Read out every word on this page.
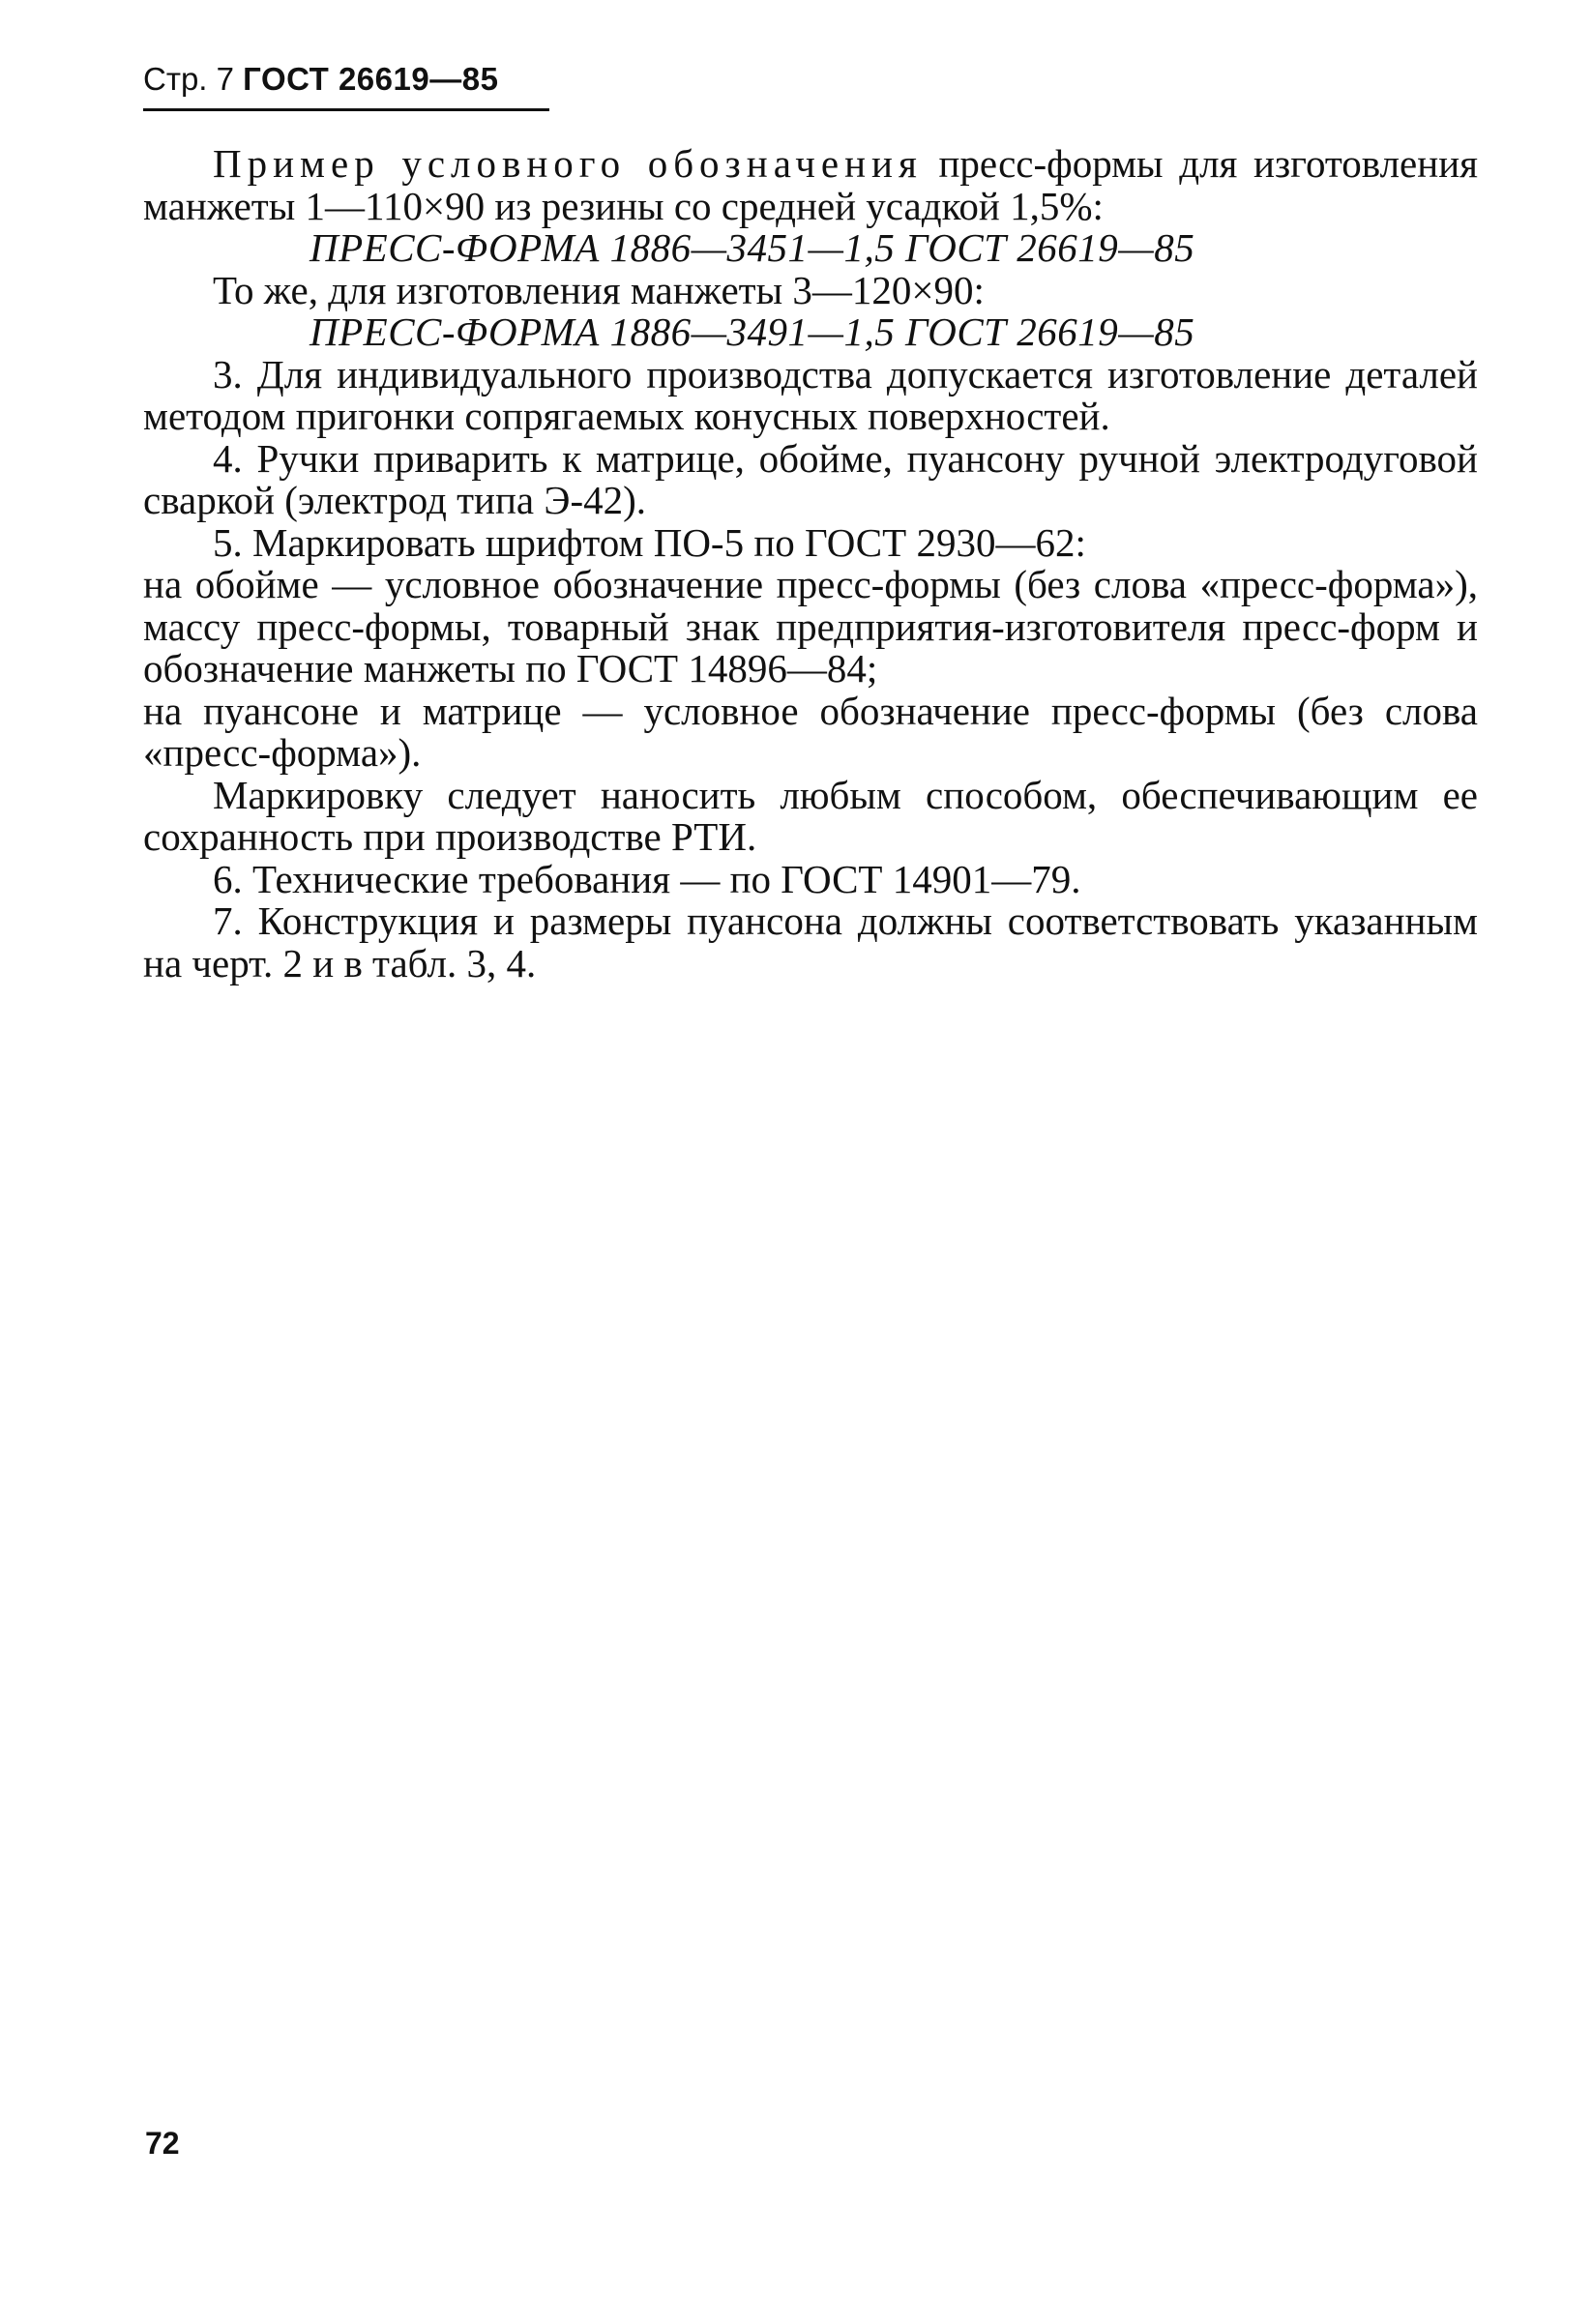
Стр. 7 ГОСТ 26619—85

Пример условного обозначения пресс-формы для изготовления манжеты 1—110×90 из резины со средней усадкой 1,5%:

ПРЕСС-ФОРМА 1886—3451—1,5 ГОСТ 26619—85

То же, для изготовления манжеты 3—120×90:

ПРЕСС-ФОРМА 1886—3491—1,5 ГОСТ 26619—85

3. Для индивидуального производства допускается изготовление деталей методом пригонки сопрягаемых конусных поверхностей.

4. Ручки приварить к матрице, обойме, пуансону ручной электродуговой сваркой (электрод типа Э-42).

5. Маркировать шрифтом ПО-5 по ГОСТ 2930—62:

на обойме — условное обозначение пресс-формы (без слова «пресс-форма»), массу пресс-формы, товарный знак предприятия-изготовителя пресс-форм и обозначение манжеты по ГОСТ 14896—84;

на пуансоне и матрице — условное обозначение пресс-формы (без слова «пресс-форма»).

Маркировку следует наносить любым способом, обеспечивающим ее сохранность при производстве РТИ.

6. Технические требования — по ГОСТ 14901—79.

7. Конструкция и размеры пуансона должны соответствовать указанным на черт. 2 и в табл. 3, 4.

72
